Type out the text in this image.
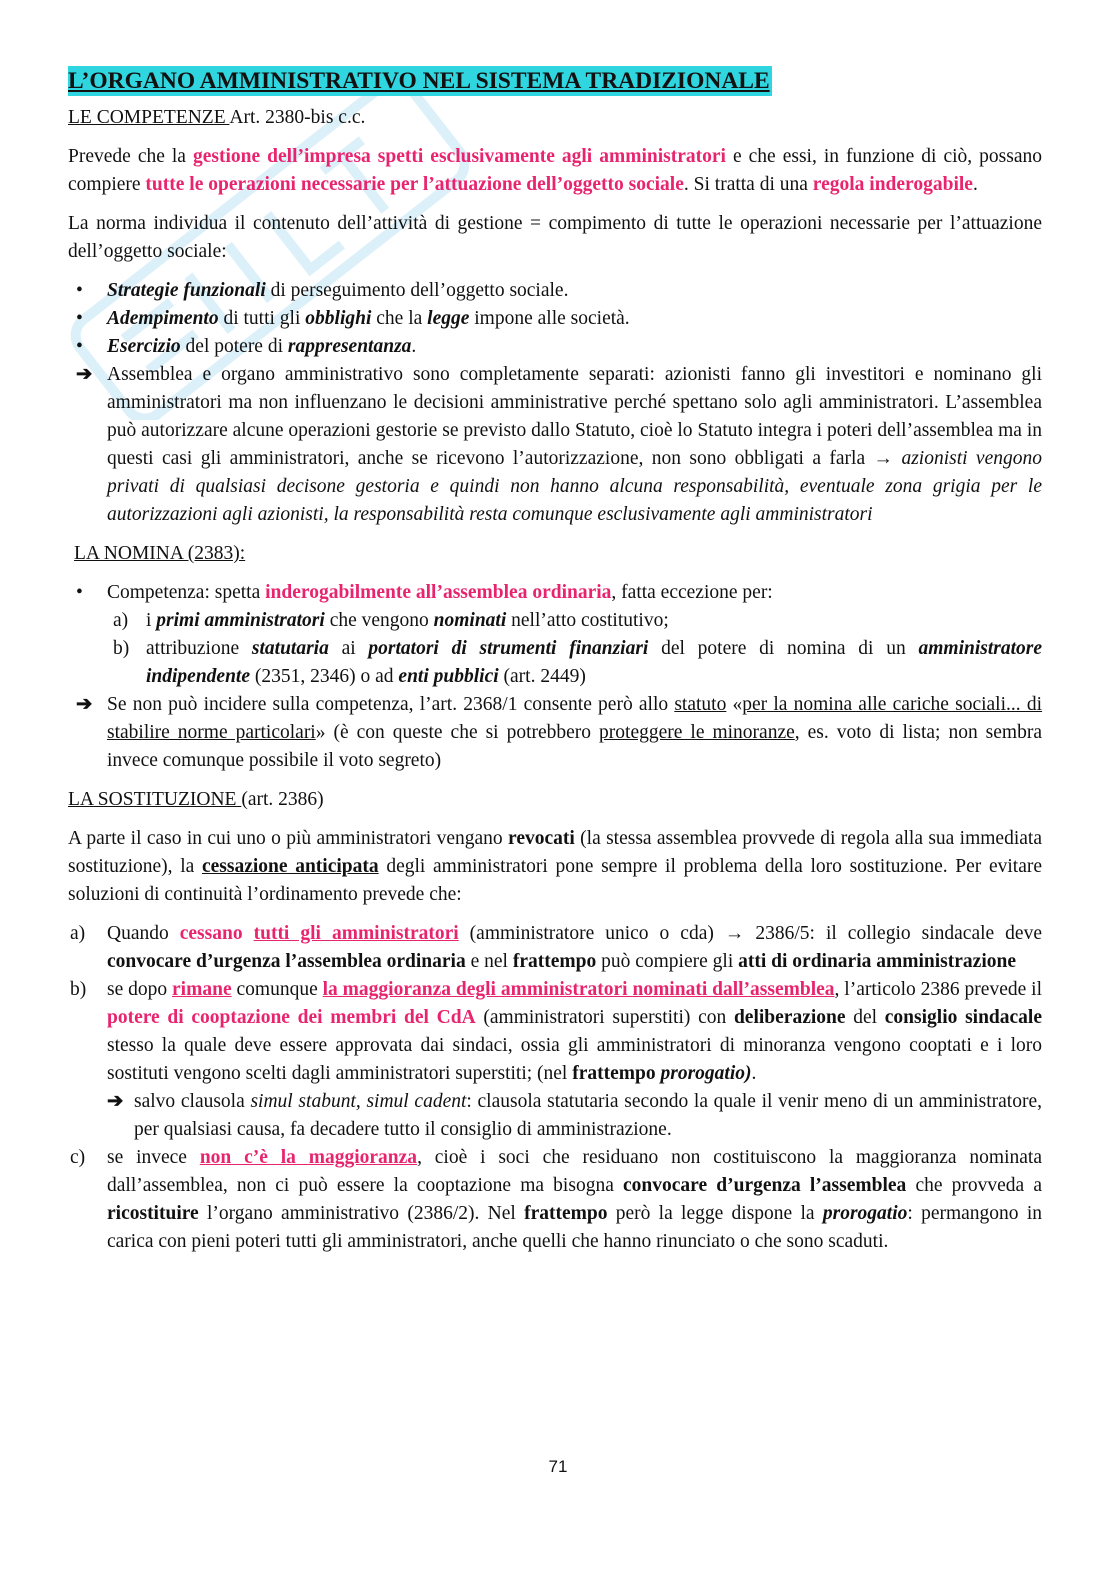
L’ORGANO AMMINISTRATIVO NEL SISTEMA TRADIZIONALE
LE COMPETENZE Art. 2380-bis c.c.

Prevede che la gestione dell’impresa spetti esclusivamente agli amministratori e che essi, in funzione di ciò, possano compiere tutte le operazioni necessarie per l’attuazione dell’oggetto sociale. Si tratta di una regola inderogabile.

La norma individua il contenuto dell’attività di gestione = compimento di tutte le operazioni necessarie per l’attuazione dell’oggetto sociale:

• Strategie funzionali di perseguimento dell’oggetto sociale.
• Adempimento di tutti gli obblighi che la legge impone alle società.
• Esercizio del potere di rappresentanza.
➔ Assemblea e organo amministrativo sono completamente separati: azionisti fanno gli investitori e nominano gli amministratori ma non influenzano le decisioni amministrative perché spettano solo agli amministratori. L’assemblea può autorizzare alcune operazioni gestorie se previsto dallo Statuto, cioè lo Statuto integra i poteri dell’assemblea ma in questi casi gli amministratori, anche se ricevono l’autorizzazione, non sono obbligati a farla → azionisti vengono privati di qualsiasi decisone gestoria e quindi non hanno alcuna responsabilità, eventuale zona grigia per le autorizzazioni agli azionisti, la responsabilità resta comunque esclusivamente agli amministratori
LA NOMINA (2383):
• Competenza: spetta inderogabilmente all’assemblea ordinaria, fatta eccezione per:
a) i primi amministratori che vengono nominati nell’atto costitutivo;
b) attribuzione statutaria ai portatori di strumenti finanziari del potere di nomina di un amministratore indipendente (2351, 2346) o ad enti pubblici (art. 2449)
➔ Se non può incidere sulla competenza, l’art. 2368/1 consente però allo statuto «per la nomina alle cariche sociali... di stabilire norme particolari» (è con queste che si potrebbero proteggere le minoranze, es. voto di lista; non sembra invece comunque possibile il voto segreto)
LA SOSTITUZIONE (art. 2386)

A parte il caso in cui uno o più amministratori vengano revocati (la stessa assemblea provvede di regola alla sua immediata sostituzione), la cessazione anticipata degli amministratori pone sempre il problema della loro sostituzione. Per evitare soluzioni di continuità l’ordinamento prevede che:

a) Quando cessano tutti gli amministratori (amministratore unico o cda) → 2386/5: il collegio sindacale deve convocare d’urgenza l’assemblea ordinaria e nel frattempo può compiere gli atti di ordinaria amministrazione
b) se dopo rimane comunque la maggioranza degli amministratori nominati dall’assemblea, l’articolo 2386 prevede il potere di cooptazione dei membri del CdA (amministratori superstiti) con deliberazione del consiglio sindacale stesso la quale deve essere approvata dai sindaci, ossia gli amministratori di minoranza vengono cooptati e i loro sostituti vengono scelti dagli amministratori superstiti; (nel frattempo prorogatio).
➔ salvo clausola simul stabunt, simul cadent: clausola statutaria secondo la quale il venir meno di un amministratore, per qualsiasi causa, fa decadere tutto il consiglio di amministrazione.
c) se invece non c’è la maggioranza, cioè i soci che residuano non costituiscono la maggioranza nominata dall’assemblea, non ci può essere la cooptazione ma bisogna convocare d’urgenza l’assemblea che provveda a ricostituire l’organo amministrativo (2386/2). Nel frattempo però la legge dispone la prorogatio: permangono in carica con pieni poteri tutti gli amministratori, anche quelli che hanno rinunciato o che sono scaduti.
71
